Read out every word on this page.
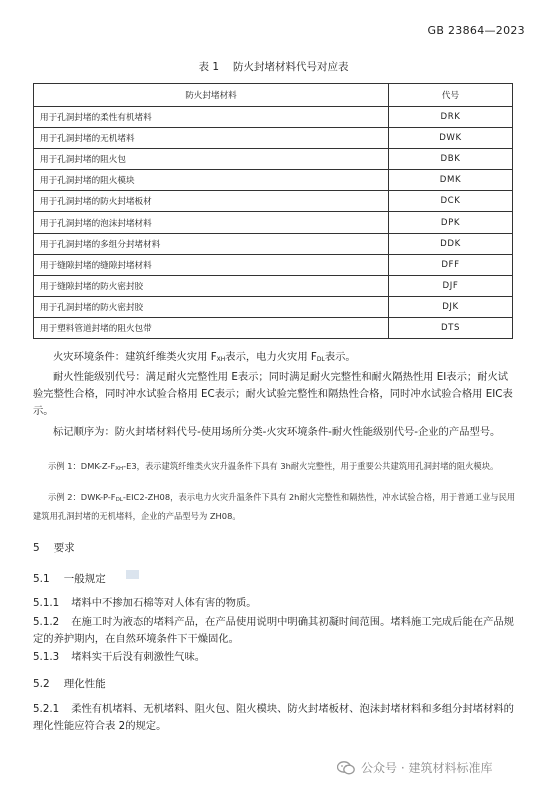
GB 23864—2023
表 1 防火封堵材料代号对应表
防火封堵材料	代号
用于孔洞封堵的柔性有机堵料	DRK
用于孔洞封堵的无机堵料	DWK
用于孔洞封堵的阻火包	DBK
用于孔洞封堵的阻火模块	DMK
用于孔洞封堵的防火封堵板材	DCK
用于孔洞封堵的泡沫封堵材料	DPK
用于孔洞封堵的多组分封堵材料	DDK
用于缝隙封堵的缝隙封堵材料	DFF
用于缝隙封堵的防火密封胶	DJF
用于孔洞封堵的防火密封胶	DJK
用于塑料管道封堵的阻火包带	DTS
火灾环境条件：建筑纤维类火灾用 $F_{XH}$表示，电力火灾用 $F_{DL}$表示。
耐火性能级别代号：满足耐火完整性用 E表示；同时满足耐火完整性和耐火隔热性用 EI表示；耐火试验完整性合格，同时冲水试验合格用 EC表示；耐火试验完整性和隔热性合格，同时冲水试验合格用 EIC表示。
标记顺序为：防火封堵材料代号-使用场所分类-火灾环境条件-耐火性能级别代号-企业的产品型号。
示例 1：DMK-$Z-F_{XH}-E3$，表示建筑纤维类火灾升温条件下具有 3h耐火完整性，用于重要公共建筑用孔洞封堵的阻火模块。
示例 2：DWK-$P-F_{DL}-EIC2-ZH08$，表示电力火灾升温条件下具有 2h耐火完整性和隔热性，冲水试验合格，用于普通工业与民用建筑用孔洞封堵的无机堵料，企业的产品型号为 ZH08。
5 要求
5.1 一般规定
5.1.1 堵料中不掺加石棉等对人体有害的物质。
5.1.2 在施工时为液态的堵料产品，在产品使用说明中明确其初凝时间范围。堵料施工完成后能在产品规定的养护期内，在自然环境条件下干燥固化。
5.1.3 堵料实干后没有刺激性气味。
5.2 理化性能
5.2.1 柔性有机堵料、无机堵料、阻火包、阻火模块、防火封堵板材、泡沫封堵材料和多组分封堵材料的理化性能应符合表 2的规定。
公众号 · 建筑材料标准库
